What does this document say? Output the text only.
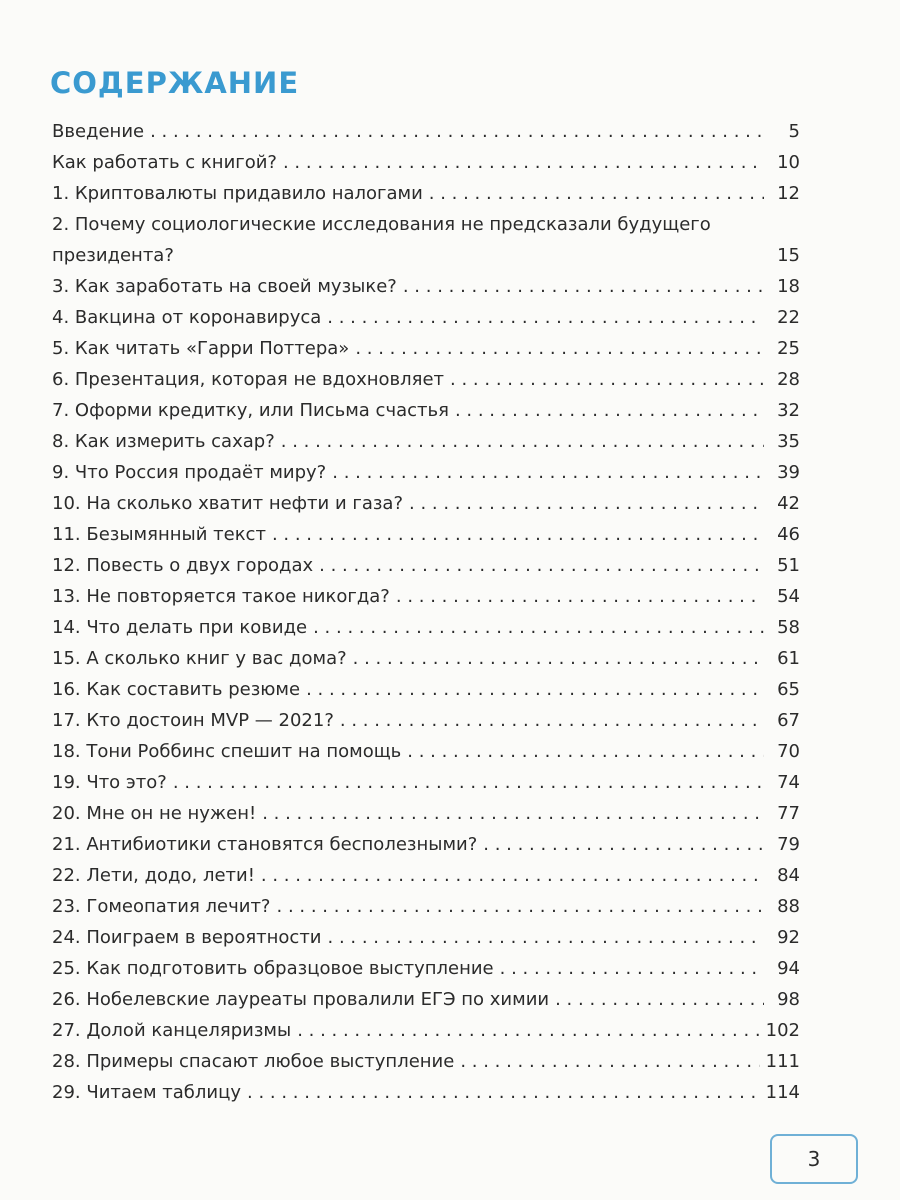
СОДЕРЖАНИЕ
Введение . . .	5
Как работать с книгой? . . .	10
1. Криптовалюты придавило налогами . . .	12
2. Почему социологические исследования не предсказали будущего президента?	15
3. Как заработать на своей музыке? . . .	18
4. Вакцина от коронавируса . . .	22
5. Как читать «Гарри Поттера» . . .	25
6. Презентация, которая не вдохновляет . . .	28
7. Оформи кредитку, или Письма счастья . . .	32
8. Как измерить сахар? . . .	35
9. Что Россия продаёт миру? . . .	39
10. На сколько хватит нефти и газа? . . .	42
11. Безымянный текст . . .	46
12. Повесть о двух городах . . .	51
13. Не повторяется такое никогда? . . .	54
14. Что делать при ковиде . . .	58
15. А сколько книг у вас дома? . . .	61
16. Как составить резюме . . .	65
17. Кто достоин MVP — 2021? . . .	67
18. Тони Роббинс спешит на помощь . . .	70
19. Что это? . . .	74
20. Мне он не нужен! . . .	77
21. Антибиотики становятся бесполезными? . . .	79
22. Лети, додо, лети! . . .	84
23. Гомеопатия лечит? . . .	88
24. Поиграем в вероятности . . .	92
25. Как подготовить образцовое выступление . . .	94
26. Нобелевские лауреаты провалили ЕГЭ по химии . . .	98
27. Долой канцеляризмы . . .	102
28. Примеры спасают любое выступление . . .	111
29. Читаем таблицу . . .	114
3
